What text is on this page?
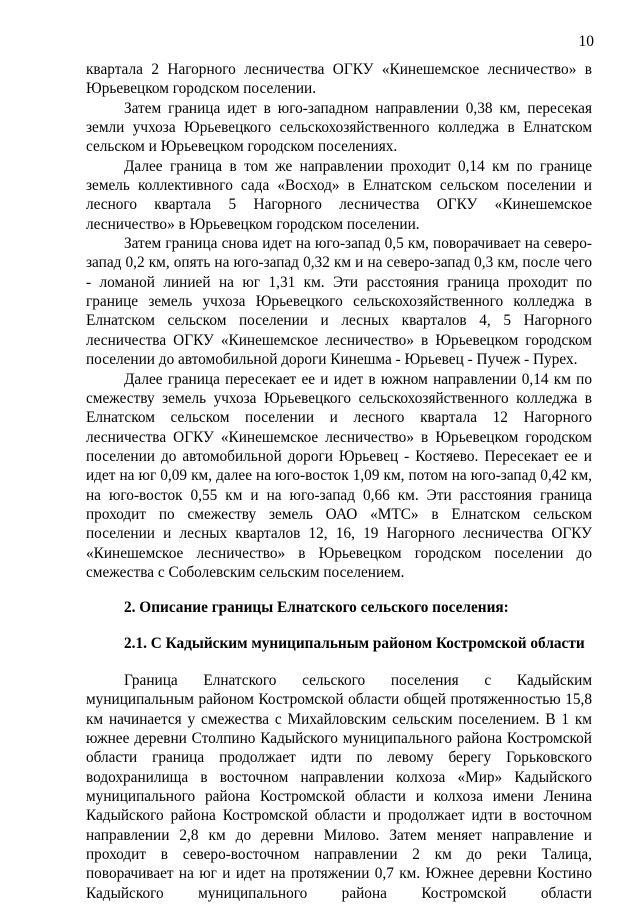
10

квартала 2 Нагорного лесничества ОГКУ «Кинешемское лесничество» в Юрьевецком городском поселении.

Затем граница идет в юго-западном направлении 0,38 км, пересекая земли учхоза Юрьевецкого сельскохозяйственного колледжа в Елнатском сельском и Юрьевецком городском поселениях.

Далее граница в том же направлении проходит 0,14 км по границе земель коллективного сада «Восход» в Елнатском сельском поселении и лесного квартала 5 Нагорного лесничества ОГКУ «Кинешемское лесничество» в Юрьевецком городском поселении.

Затем граница снова идет на юго-запад 0,5 км, поворачивает на северо-запад 0,2 км, опять на юго-запад 0,32 км и на северо-запад 0,3 км, после чего - ломаной линией на юг 1,31 км. Эти расстояния граница проходит по границе земель учхоза Юрьевецкого сельскохозяйственного колледжа в Елнатском сельском поселении и лесных кварталов 4, 5 Нагорного лесничества ОГКУ «Кинешемское лесничество» в Юрьевецком городском поселении до автомобильной дороги Кинешма - Юрьевец - Пучеж - Пурех.

Далее граница пересекает ее и идет в южном направлении 0,14 км по смежеству земель учхоза Юрьевецкого сельскохозяйственного колледжа в Елнатском сельском поселении и лесного квартала 12 Нагорного лесничества ОГКУ «Кинешемское лесничество» в Юрьевецком городском поселении до автомобильной дороги Юрьевец - Костяево. Пересекает ее и идет на юг 0,09 км, далее на юго-восток 1,09 км, потом на юго-запад 0,42 км, на юго-восток 0,55 км и на юго-запад 0,66 км. Эти расстояния граница проходит по смежеству земель ОАО «МТС» в Елнатском сельском поселении и лесных кварталов 12, 16, 19 Нагорного лесничества ОГКУ «Кинешемское лесничество» в Юрьевецком городском поселении до смежества с Соболевским сельским поселением.

2. Описание границы Елнатского сельского поселения:

2.1. С Кадыйским муниципальным районом Костромской области

Граница Елнатского сельского поселения с Кадыйским муниципальным районом Костромской области общей протяженностью 15,8 км начинается у смежества с Михайловским сельским поселением. В 1 км южнее деревни Столпино Кадыйского муниципального района Костромской области граница продолжает идти по левому берегу Горьковского водохранилища в восточном направлении колхоза «Мир» Кадыйского муниципального района Костромской области и колхоза имени Ленина Кадыйского района Костромской области и продолжает идти в восточном направлении 2,8 км до деревни Милово. Затем меняет направление и проходит в северо-восточном направлении 2 км до реки Талица, поворачивает на юг и идет на протяжении 0,7 км. Южнее деревни Костино Кадыйского муниципального района Костромской области
